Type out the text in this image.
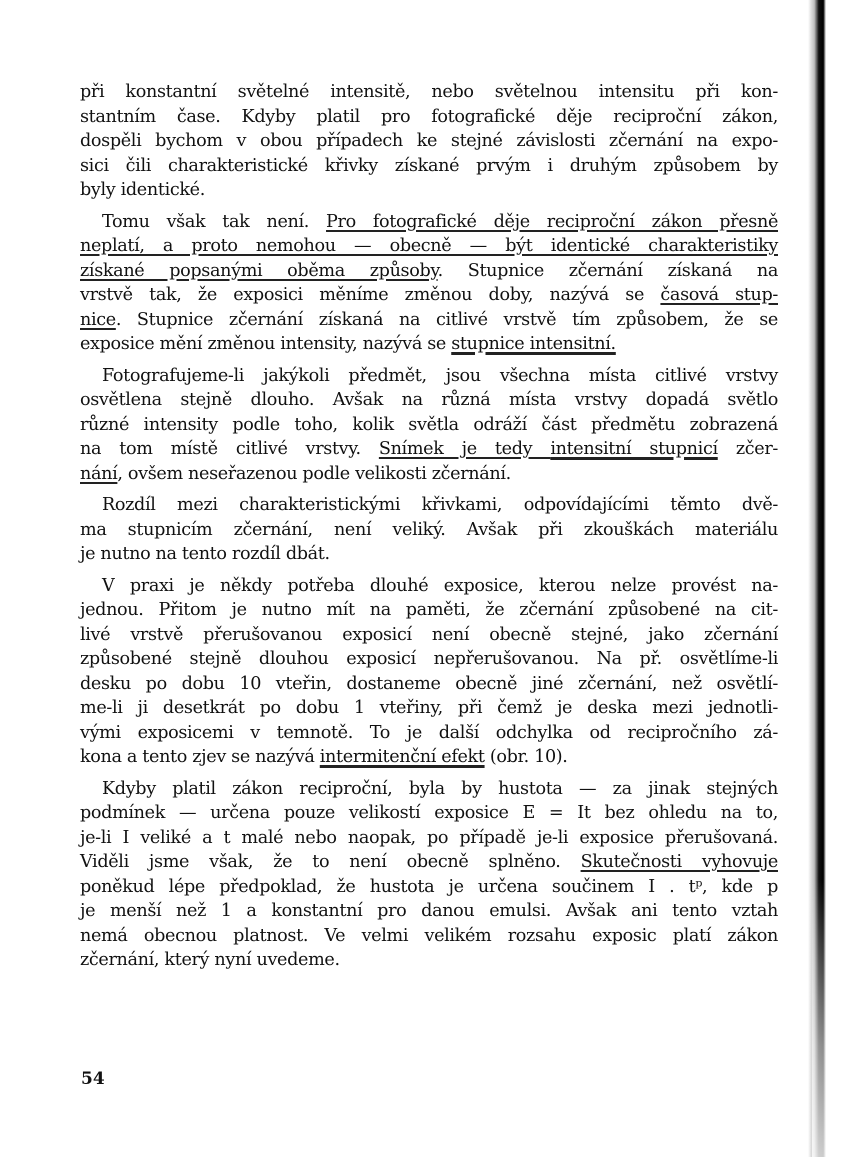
při konstantní světelné intensitě, nebo světelnou intensitu při kon-
stantním čase. Kdyby platil pro fotografické děje reciproční zákon,
dospěli bychom v obou případech ke stejné závislosti zčernání na expo-
sici čili charakteristické křivky získané prvým i druhým způsobem by
byly identické.
Tomu však tak není. Pro fotografické děje reciproční zákon přesně
neplatí, a proto nemohou — obecně — být identické charakteristiky
získané popsanými oběma způsoby. Stupnice zčernání získaná na
vrstvě tak, že exposici měníme změnou doby, nazývá se časová stup-
nice. Stupnice zčernání získaná na citlivé vrstvě tím způsobem, že se
exposice mění změnou intensity, nazývá se stupnice intensitní.
Fotografujeme-li jakýkoli předmět, jsou všechna místa citlivé vrstvy
osvětlena stejně dlouho. Avšak na různá místa vrstvy dopadá světlo
různé intensity podle toho, kolik světla odráží část předmětu zobrazená
na tom místě citlivé vrstvy. Snímek je tedy intensitní stupnicí zčer-
nání, ovšem neseřazenou podle velikosti zčernání.
Rozdíl mezi charakteristickými křivkami, odpovídajícími těmto dvě-
ma stupnicím zčernání, není veliký. Avšak při zkouškách materiálu
je nutno na tento rozdíl dbát.
V praxi je někdy potřeba dlouhé exposice, kterou nelze provést na-
jednou. Přitom je nutno mít na paměti, že zčernání způsobené na cit-
livé vrstvě přerušovanou exposicí není obecně stejné, jako zčernání
způsobené stejně dlouhou exposicí nepřerušovanou. Na př. osvětlíme-li
desku po dobu 10 vteřin, dostaneme obecně jiné zčernání, než osvětlí-
me-li ji desetkrát po dobu 1 vteřiny, při čemž je deska mezi jednotli-
vými exposicemi v temnotě. To je další odchylka od recipročního zá-
kona a tento zjev se nazývá intermitenční efekt (obr. 10).
Kdyby platil zákon reciproční, byla by hustota — za jinak stejných
podmínek — určena pouze velikostí exposice E = It bez ohledu na to,
je-li I veliké a t malé nebo naopak, po případě je-li exposice přerušovaná.
Viděli jsme však, že to není obecně splněno. Skutečnosti vyhovuje
poněkud lépe předpoklad, že hustota je určena součinem I . tᵖ, kde p
je menší než 1 a konstantní pro danou emulsi. Avšak ani tento vztah
nemá obecnou platnost. Ve velmi velikém rozsahu exposic platí zákon
zčernání, který nyní uvedeme.
54
